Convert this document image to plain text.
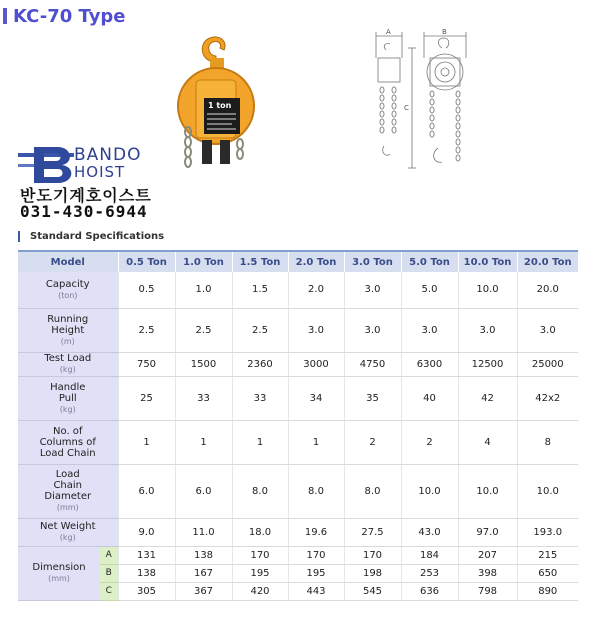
KC-70 Type
1 ton
A	B
C
BANDO
HOIST
반도기계호이스트
031-430-6944
Standard Specifications

Model		0.5 Ton	1.0 Ton	1.5 Ton	2.0 Ton	3.0 Ton	5.0 Ton	10.0 Ton	20.0 Ton

Capacity
(ton)		0.5	1.0	1.5	2.0	3.0	5.0	10.0	20.0

Running
Height
(m)		2.5	2.5	2.5	3.0	3.0	3.0	3.0	3.0

Test Load
(kg)		750	1500	2360	3000	4750	6300	12500	25000

Handle
Pull
(kg)		25	33	33	34	35	40	42	42x2

No. of
Columns of
Load Chain		1	1	1	1	2	2	4	8

Load
Chain
Diameter
(mm)		6.0	6.0	8.0	8.0	8.0	10.0	10.0	10.0

Net Weight
(kg)		9.0	11.0	18.0	19.6	27.5	43.0	97.0	193.0

Dimension
(mm)	A	131	138	170	170	170	184	207	215
	B	138	167	195	195	198	253	398	650
	C	305	367	420	443	545	636	798	890
